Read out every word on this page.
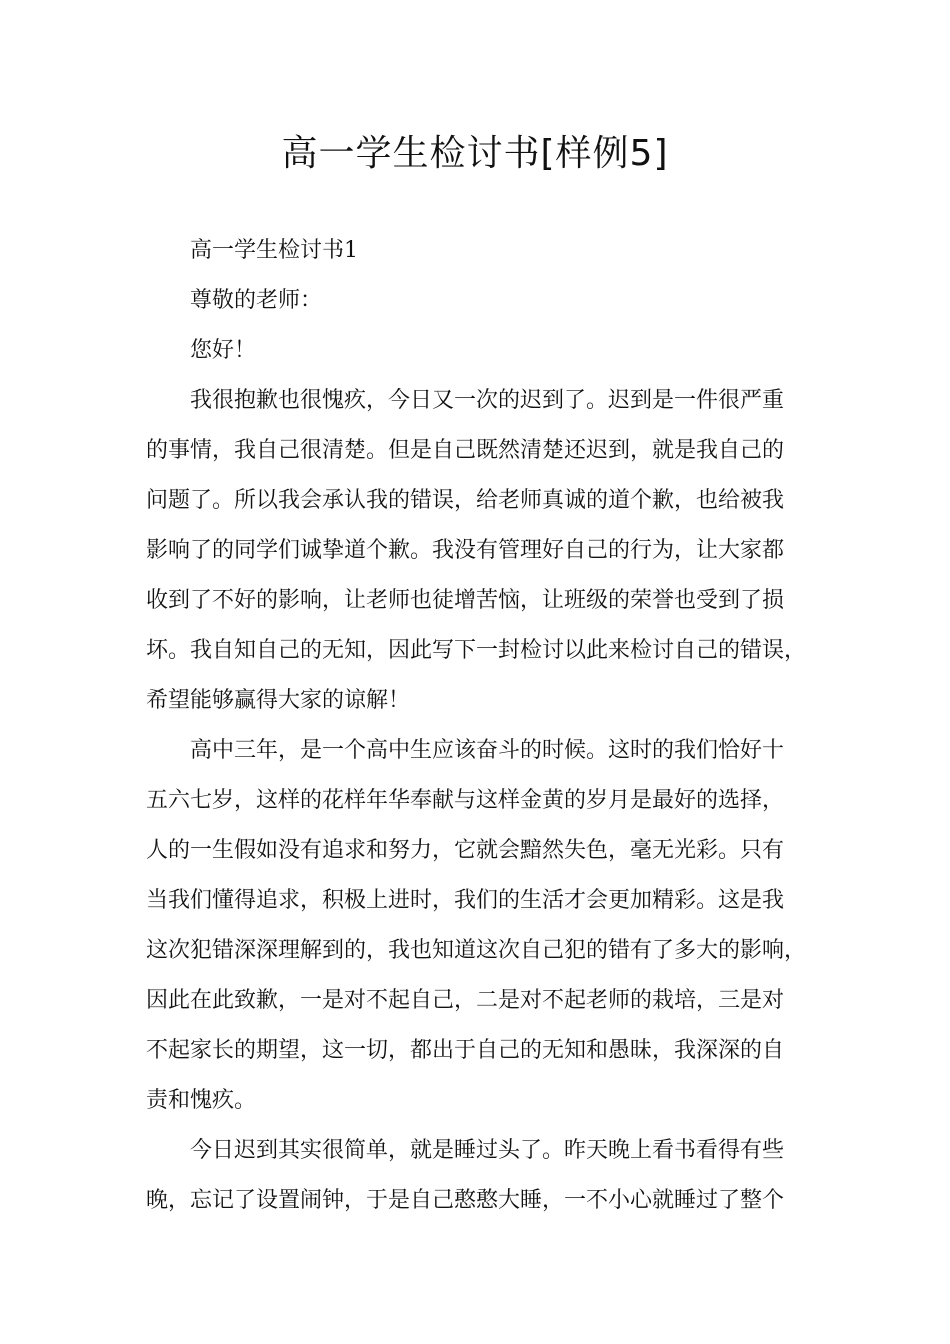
高一学生检讨书[样例5]
高一学生检讨书1
尊敬的老师：
您好！
我很抱歉也很愧疚，今日又一次的迟到了。迟到是一件很严重
的事情，我自己很清楚。但是自己既然清楚还迟到，就是我自己的
问题了。所以我会承认我的错误，给老师真诚的道个歉，也给被我
影响了的同学们诚挚道个歉。我没有管理好自己的行为，让大家都
收到了不好的影响，让老师也徒增苦恼，让班级的荣誉也受到了损
坏。我自知自己的无知，因此写下一封检讨以此来检讨自己的错误，
希望能够赢得大家的谅解！
高中三年，是一个高中生应该奋斗的时候。这时的我们恰好十
五六七岁，这样的花样年华奉献与这样金黄的岁月是最好的选择，
人的一生假如没有追求和努力，它就会黯然失色，毫无光彩。只有
当我们懂得追求，积极上进时，我们的生活才会更加精彩。这是我
这次犯错深深理解到的，我也知道这次自己犯的错有了多大的影响，
因此在此致歉，一是对不起自己，二是对不起老师的栽培，三是对
不起家长的期望，这一切，都出于自己的无知和愚昧，我深深的自
责和愧疚。
今日迟到其实很简单，就是睡过头了。昨天晚上看书看得有些
晚，忘记了设置闹钟，于是自己憨憨大睡，一不小心就睡过了整个
